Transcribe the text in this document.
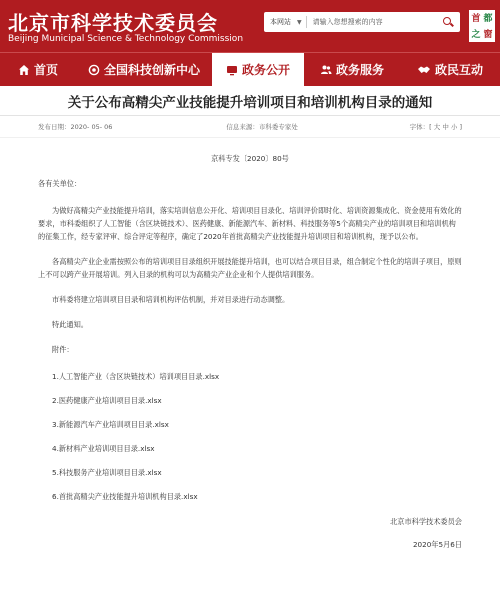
北京市科学技术委员会
Beijing Municipal Science & Technology Commission
本网站	▼
请输入您想搜索的内容	首 都
之 窗
首页	全国科技创新中心	政务公开	政务服务	政民互动
关于公布高精尖产业技能提升培训项目和培训机构目录的通知
发布日期：2020- 05- 06	信息来源：市科委专家处	字体：[ 大 中 小 ]
京科专发〔2020〕80号
各有关单位：
为做好高精尖产业技能提升培训，落实培训信息公开化、培训项目目录化、培训评价即时化、培训资源集成化、资金使用有效化的要求，市科委组织了人工智能（含区块链技术）、医药健康、新能源汽车、新材料、科技服务等5个高精尖产业的培训项目和培训机构的征集工作，经专家评审、综合评定等程序，确定了2020年首批高精尖产业技能提升培训项目和培训机构，现予以公布。
各高精尖产业企业需按照公布的培训项目目录组织开展技能提升培训，也可以结合项目目录，组合制定个性化的培训子项目，原则上不可以跨产业开展培训。列入目录的机构可以为高精尖产业企业和个人提供培训服务。
市科委将建立培训项目目录和培训机构评估机制，并对目录进行动态调整。
特此通知。
附件：
1.人工智能产业（含区块链技术）培训项目目录.xlsx
2.医药健康产业培训项目目录.xlsx
3.新能源汽车产业培训项目目录.xlsx
4.新材料产业培训项目目录.xlsx
5.科技服务产业培训项目目录.xlsx
6.首批高精尖产业技能提升培训机构目录.xlsx
北京市科学技术委员会
2020年5月6日
